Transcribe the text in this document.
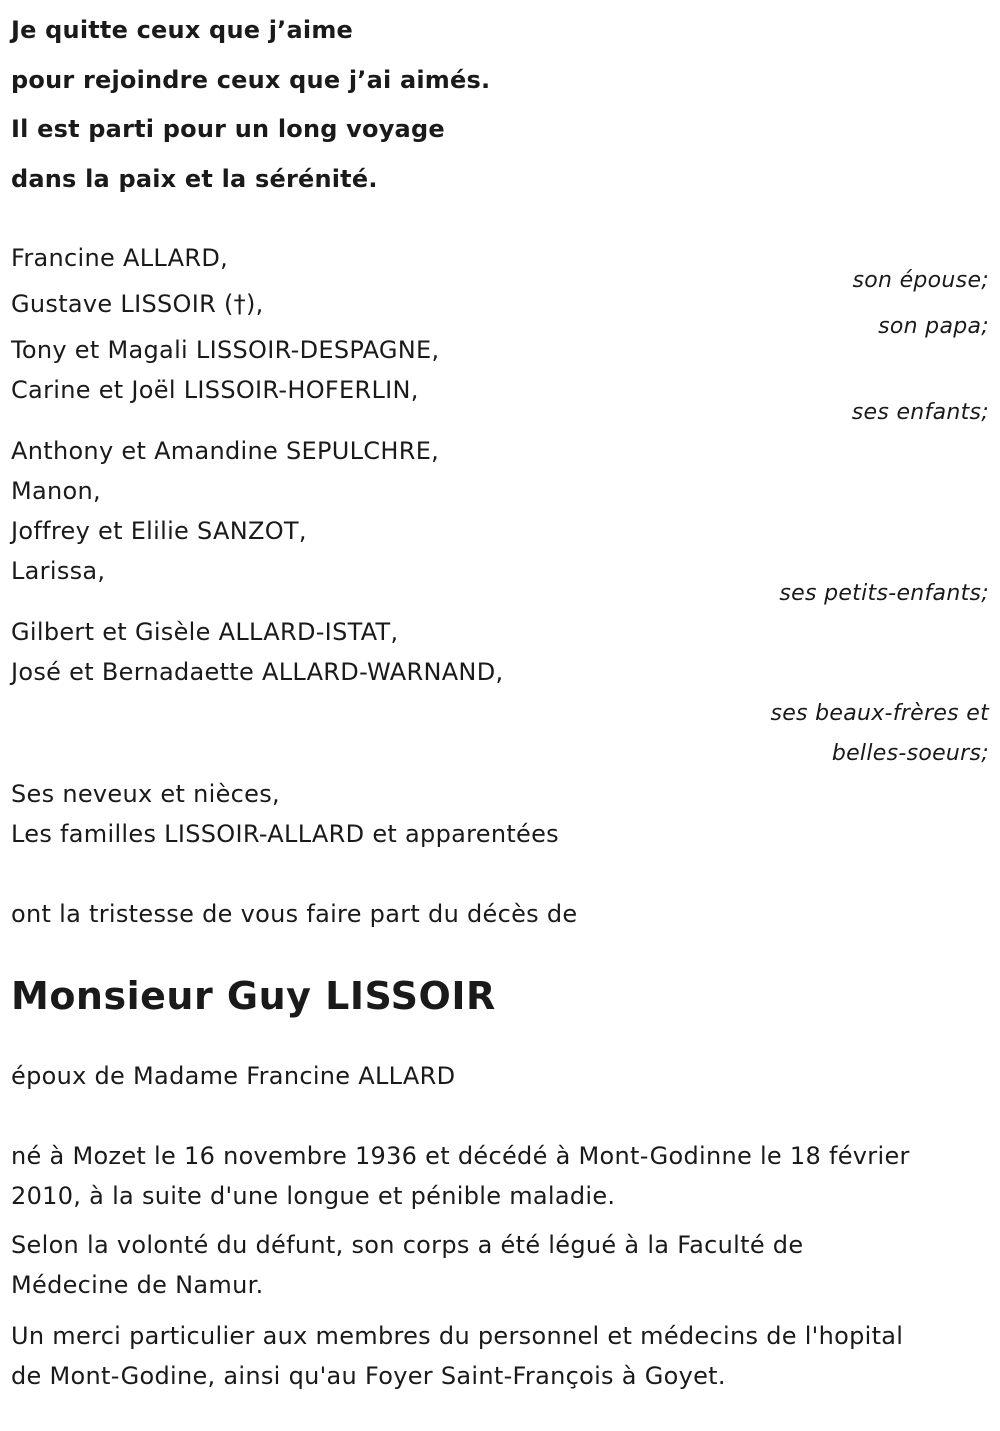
Je quitte ceux que j’aime
pour rejoindre ceux que j’ai aimés.
Il est parti pour un long voyage
dans la paix et la sérénité.
Francine ALLARD,
son épouse;
Gustave LISSOIR (†),
son papa;
Tony et Magali LISSOIR-DESPAGNE,
Carine et Joël LISSOIR-HOFERLIN,
ses enfants;
Anthony et Amandine SEPULCHRE,
Manon,
Joffrey et Elilie SANZOT,
Larissa,
ses petits-enfants;
Gilbert et Gisèle ALLARD-ISTAT,
José et Bernadaette ALLARD-WARNAND,
ses beaux-frères et
belles-soeurs;
Ses neveux et nièces,
Les familles LISSOIR-ALLARD et apparentées
ont la tristesse de vous faire part du décès de
Monsieur Guy LISSOIR
époux de Madame Francine ALLARD
né à Mozet le 16 novembre 1936 et décédé à Mont-Godinne le 18 février
2010, à la suite d'une longue et pénible maladie.
Selon la volonté du défunt, son corps a été légué à la Faculté de
Médecine de Namur.
Un merci particulier aux membres du personnel et médecins de l'hopital
de Mont-Godine, ainsi qu'au Foyer Saint-François à Goyet.
